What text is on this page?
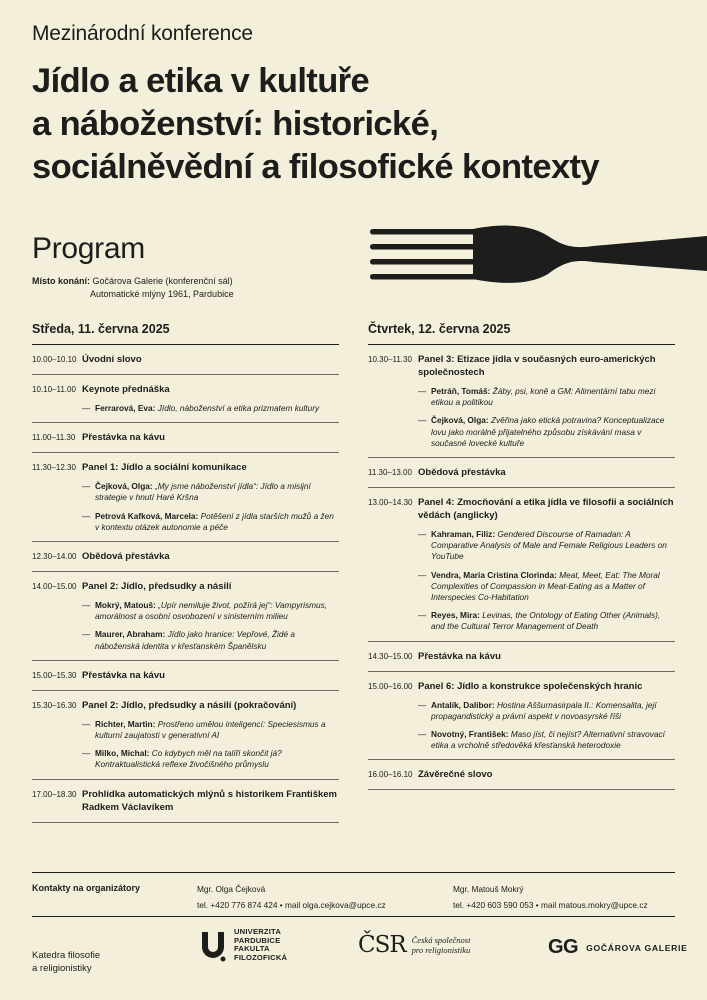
Mezinárodní konference
Jídlo a etika v kultuře
a náboženství: historické,
sociálněvědní a filosofické kontexty
Program
Místo konání: Gočárova Galerie (konferenční sál)
Automatické mlýny 1961, Pardubice
Středa, 11. června 2025
10.00–10.10 Úvodní slovo
10.10–11.00 Keynote přednáška
— Ferrarová, Eva: Jídlo, náboženství a etika prizmatem kultury
11.00–11.30 Přestávka na kávu
11.30–12.30 Panel 1: Jídlo a sociální komunikace
— Čejková, Olga: „My jsme náboženství jídla“: Jídlo a misijní strategie v hnutí Haré Kršna
— Petrová Kafková, Marcela: Potěšení z jídla starších mužů a žen v kontextu otázek autonomie a péče
12.30–14.00 Obědová přestávka
14.00–15.00 Panel 2: Jídlo, předsudky a násilí
— Mokrý, Matouš: „Upír nemiluje život, požírá jej“: Vampyrismus, amorálnost a osobní osvobození v sinisterním milieu
— Maurer, Abraham: Jídlo jako hranice: Vepřové, Židé a náboženská identita v křesťanském Španělsku
15.00–15.30 Přestávka na kávu
15.30–16.30 Panel 2: Jídlo, předsudky a násilí (pokračování)
— Richter, Martin: Prostřeno umělou inteligencí: Speciesismus a kulturní zaujatosti v generativní AI
— Milko, Michal: Co kdybych měl na talíři skončit já? Kontraktualistická reflexe živočišného průmyslu
17.00–18.30 Prohlídka automatických mlýnů s historikem Františkem Radkem Václavíkem
Čtvrtek, 12. června 2025
10.30–11.30 Panel 3: Etizace jídla v současných euro-amerických společnostech
— Petráň, Tomáš: Žáby, psi, koně a GM: Alimentární tabu mezi etikou a politikou
— Čejková, Olga: Zvěřina jako etická potravina? Konceptualizace lovu jako morálně přijatelného způsobu získávání masa v současné lovecké kultuře
11.30–13.00 Obědová přestávka
13.00–14.30 Panel 4: Zmocňování a etika jídla ve filosofii a sociálních vědách (anglicky)
— Kahraman, Filiz: Gendered Discourse of Ramadan: A Comparative Analysis of Male and Female Religious Leaders on YouTube
— Vendra, Maria Cristina Clorinda: Meat, Meet, Eat: The Moral Complexities of Compassion in Meat-Eating as a Matter of Interspecies Co-Habitation
— Reyes, Mira: Levinas, the Ontology of Eating Other (Animals), and the Cultural Terror Management of Death
14.30–15.00 Přestávka na kávu
15.00–16.00 Panel 6: Jídlo a konstrukce společenských hranic
— Antalík, Dalibor: Hostina Aššurnasirpala II.: Komensalita, její propagandistický a právní aspekt v novoasyrské říši
— Novotný, František: Maso jíst, či nejíst? Alternativní stravovací etika a vrcholně středověká křesťanská heterodoxie
16.00–16.10 Závěrečné slovo
Kontakty na organizátory	Mgr. Olga Čejková
tel. +420 776 874 424 • mail olga.cejkova@upce.cz
Mgr. Matouš Mokrý
tel. +420 603 590 053 • mail matous.mokry@upce.cz
Katedra filosofie
a religionistiky
UNIVERZITA
PARDUBICE
FAKULTA
FILOZOFICKÁ	ČSR Česká společnost
pro religionistiku	GG GOČÁROVA GALERIE
